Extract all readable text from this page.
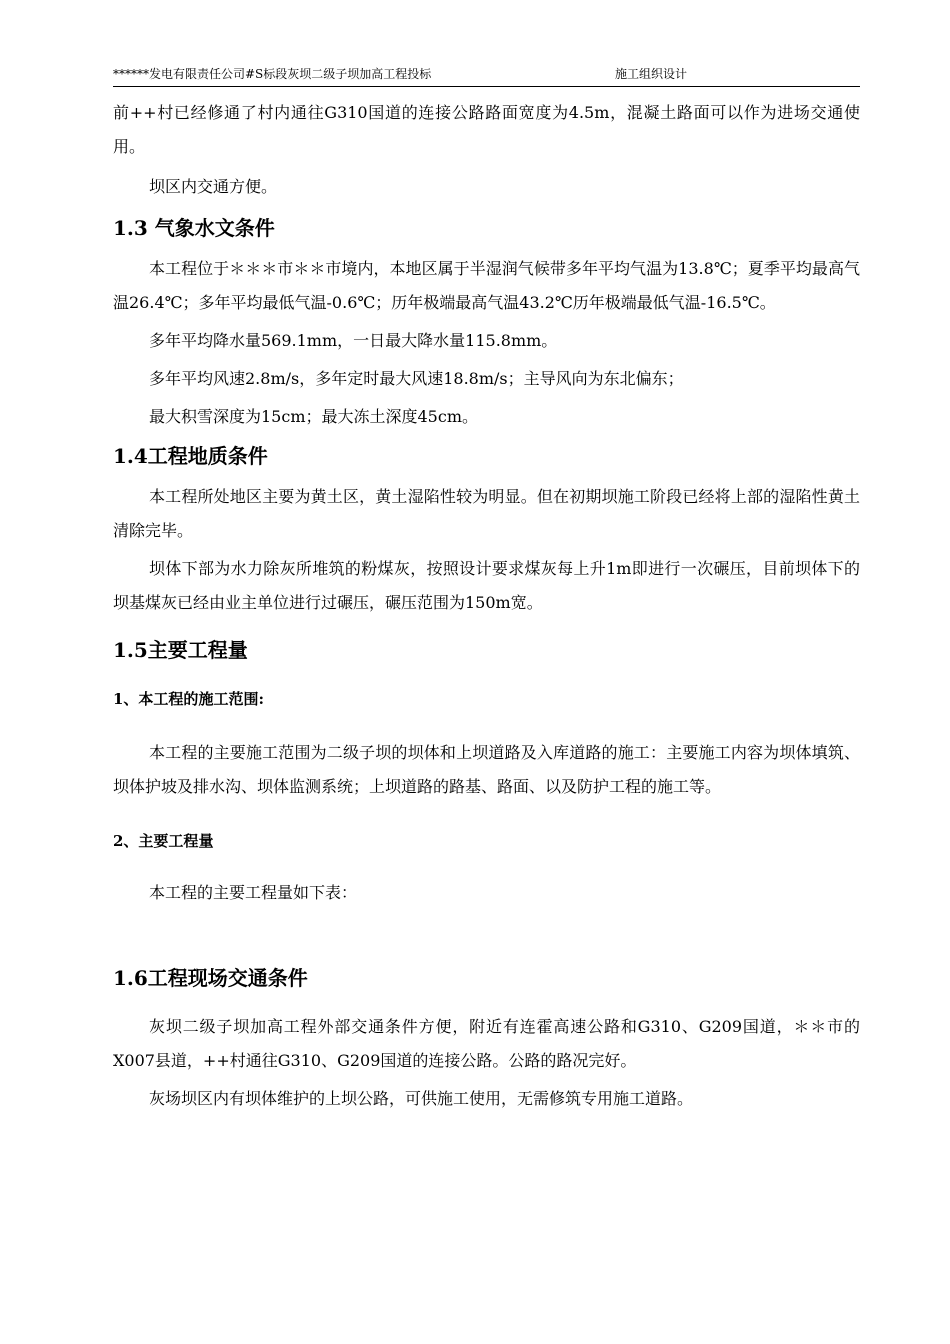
******发电有限责任公司#S标段灰坝二级子坝加高工程投标	施工组织设计

前++村已经修通了村内通往G310国道的连接公路路面宽度为4.5m，混凝土路面可以作为进场交通使用。

坝区内交通方便。

1.3 气象水文条件

本工程位于＊＊＊市＊＊市境内，本地区属于半湿润气候带多年平均气温为13.8℃；夏季平均最高气温26.4℃；多年平均最低气温-0.6℃；历年极端最高气温43.2℃历年极端最低气温-16.5℃。

多年平均降水量569.1mm，一日最大降水量115.8mm。

多年平均风速2.8m/s，多年定时最大风速18.8m/s；主导风向为东北偏东；

最大积雪深度为15cm；最大冻土深度45cm。

1.4工程地质条件

本工程所处地区主要为黄土区，黄土湿陷性较为明显。但在初期坝施工阶段已经将上部的湿陷性黄土清除完毕。

坝体下部为水力除灰所堆筑的粉煤灰，按照设计要求煤灰每上升1m即进行一次碾压，目前坝体下的坝基煤灰已经由业主单位进行过碾压，碾压范围为150m宽。

1.5主要工程量
1、本工程的施工范围:

本工程的主要施工范围为二级子坝的坝体和上坝道路及入库道路的施工：主要施工内容为坝体填筑、坝体护坡及排水沟、坝体监测系统；上坝道路的路基、路面、以及防护工程的施工等。

2、主要工程量

本工程的主要工程量如下表：

1.6工程现场交通条件

灰坝二级子坝加高工程外部交通条件方便，附近有连霍高速公路和G310、G209国道，＊＊市的X007县道，++村通往G310、G209国道的连接公路。公路的路况完好。

灰场坝区内有坝体维护的上坝公路，可供施工使用，无需修筑专用施工道路。
